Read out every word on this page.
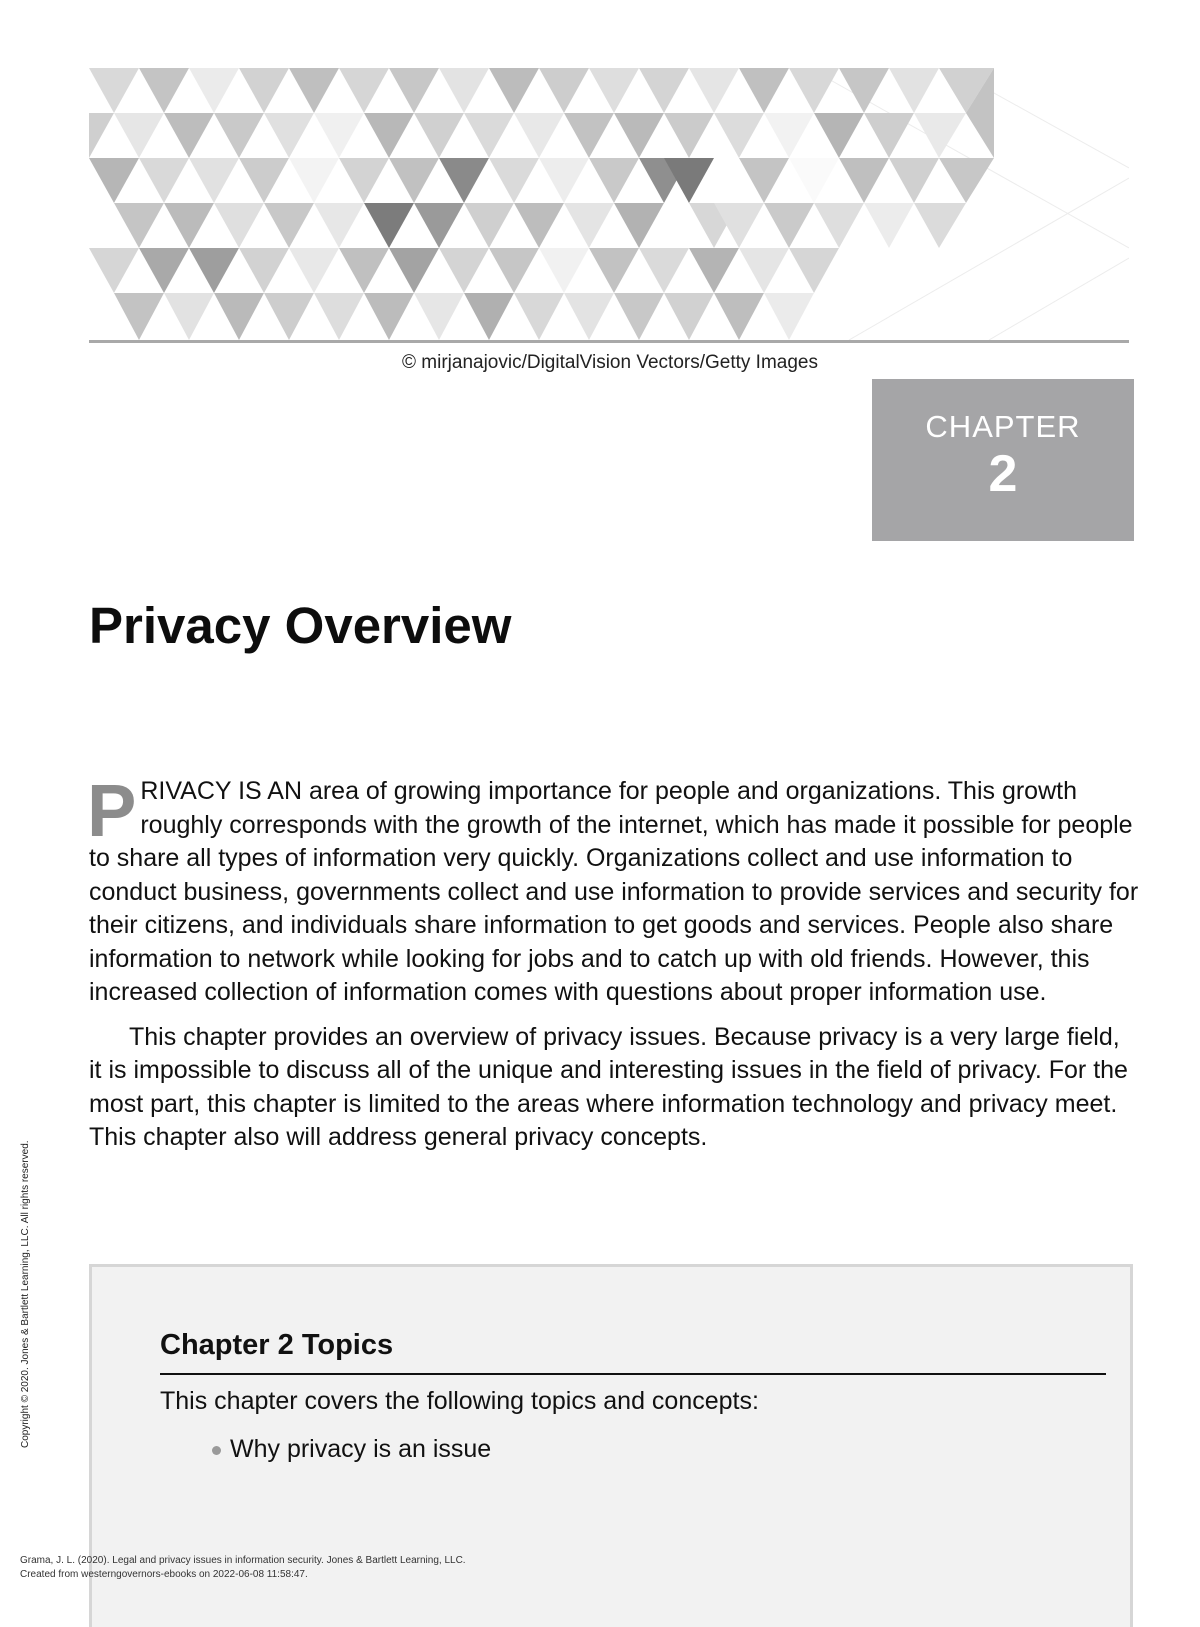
© mirjanajovic/DigitalVision Vectors/Getty Images
CHAPTER
2
Privacy Overview

PRIVACY IS AN area of growing importance for people and organizations. This growth roughly corresponds with the growth of the internet, which has made it possible for people to share all types of information very quickly. Organizations collect and use information to conduct business, governments collect and use information to provide services and security for their citizens, and individuals share information to get goods and services. People also share information to network while looking for jobs and to catch up with old friends. However, this increased collection of information comes with questions about proper information use.

This chapter provides an overview of privacy issues. Because privacy is a very large field, it is impossible to discuss all of the unique and interesting issues in the field of privacy. For the most part, this chapter is limited to the areas where information technology and privacy meet. This chapter also will address general privacy concepts.

Chapter 2 Topics
This chapter covers the following topics and concepts:
Why privacy is an issue
Copyright © 2020. Jones & Bartlett Learning, LLC. All rights reserved.
Grama, J. L. (2020). Legal and privacy issues in information security. Jones & Bartlett Learning, LLC.
Created from westerngovernors-ebooks on 2022-06-08 11:58:47.
